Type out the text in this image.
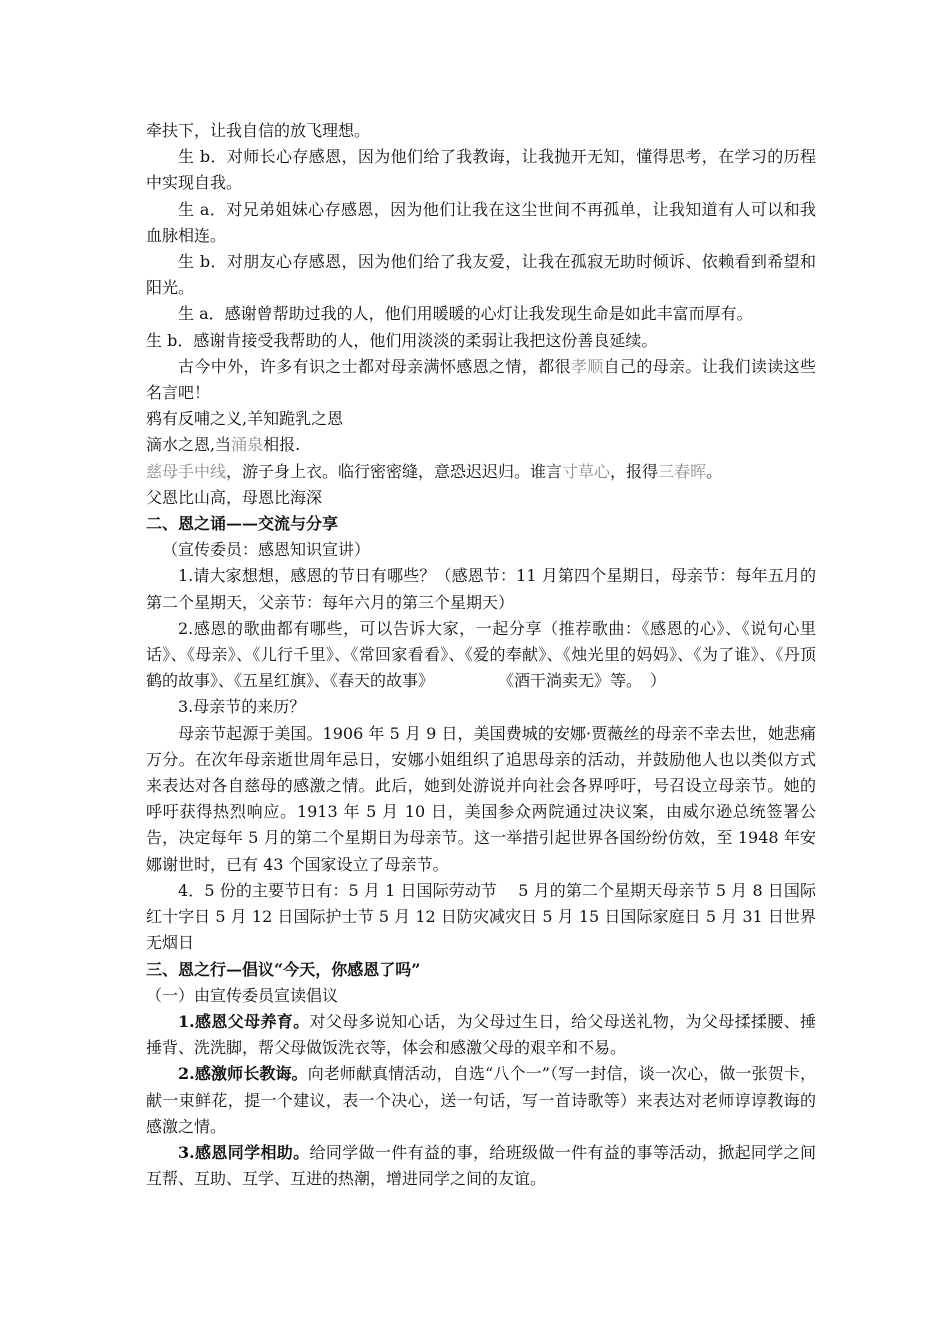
牵扶下，让我自信的放飞理想。
生 b．对师长心存感恩，因为他们给了我教诲，让我抛开无知，懂得思考，在学习的历程中实现自我。
生 a．对兄弟姐妹心存感恩，因为他们让我在这尘世间不再孤单，让我知道有人可以和我血脉相连。
生 b．对朋友心存感恩，因为他们给了我友爱，让我在孤寂无助时倾诉、依赖看到希望和阳光。
生 a．感谢曾帮助过我的人，他们用暖暖的心灯让我发现生命是如此丰富而厚有。
生 b．感谢肯接受我帮助的人，他们用淡淡的柔弱让我把这份善良延续。
古今中外，许多有识之士都对母亲满怀感恩之情，都很孝顺自己的母亲。让我们读读这些名言吧！
鸦有反哺之义,羊知跪乳之恩
滴水之恩,当涌泉相报.
慈母手中线，游子身上衣。临行密密缝，意恐迟迟归。谁言寸草心，报得三春晖。
父恩比山高，母恩比海深
二、恩之诵——交流与分享
（宣传委员：感恩知识宣讲）
1.请大家想想，感恩的节日有哪些？（感恩节：11 月第四个星期日，母亲节：每年五月的第二个星期天，父亲节：每年六月的第三个星期天）
2.感恩的歌曲都有哪些，可以告诉大家，一起分享（推荐歌曲：《感恩的心》、《说句心里话》、《母亲》、《儿行千里》、《常回家看看》、《爱的奉献》、《烛光里的妈妈》、《为了谁》、《丹顶鹤的故事》、《五星红旗》、《春天的故事》　　　　　《酒干淌卖无》等。　）
3.母亲节的来历？
母亲节起源于美国。1906 年 5 月 9 日，美国费城的安娜·贾薇丝的母亲不幸去世，她悲痛万分。在次年母亲逝世周年忌日，安娜小姐组织了追思母亲的活动，并鼓励他人也以类似方式来表达对各自慈母的感激之情。此后，她到处游说并向社会各界呼吁，号召设立母亲节。她的呼吁获得热烈响应。1913 年 5 月 10 日，美国参众两院通过决议案，由威尔逊总统签署公告，决定每年 5 月的第二个星期日为母亲节。这一举措引起世界各国纷纷仿效，至 1948 年安娜谢世时，已有 43 个国家设立了母亲节。
4．5 份的主要节日有：5 月 1 日国际劳动节　 5 月的第二个星期天母亲节 5 月 8 日国际红十字日 5 月 12 日国际护士节 5 月 12 日防灾减灾日 5 月 15 日国际家庭日 5 月 31 日世界无烟日
三、恩之行—倡议“今天，你感恩了吗”
（一）由宣传委员宣读倡议
1.感恩父母养育。对父母多说知心话，为父母过生日，给父母送礼物，为父母揉揉腰、捶捶背、洗洗脚，帮父母做饭洗衣等，体会和感激父母的艰辛和不易。
2.感激师长教诲。向老师献真情活动，自选“八个一”（写一封信，谈一次心，做一张贺卡，献一束鲜花，提一个建议，表一个决心，送一句话，写一首诗歌等）来表达对老师谆谆教诲的感激之情。
3.感恩同学相助。给同学做一件有益的事，给班级做一件有益的事等活动，掀起同学之间互帮、互助、互学、互进的热潮，增进同学之间的友谊。
